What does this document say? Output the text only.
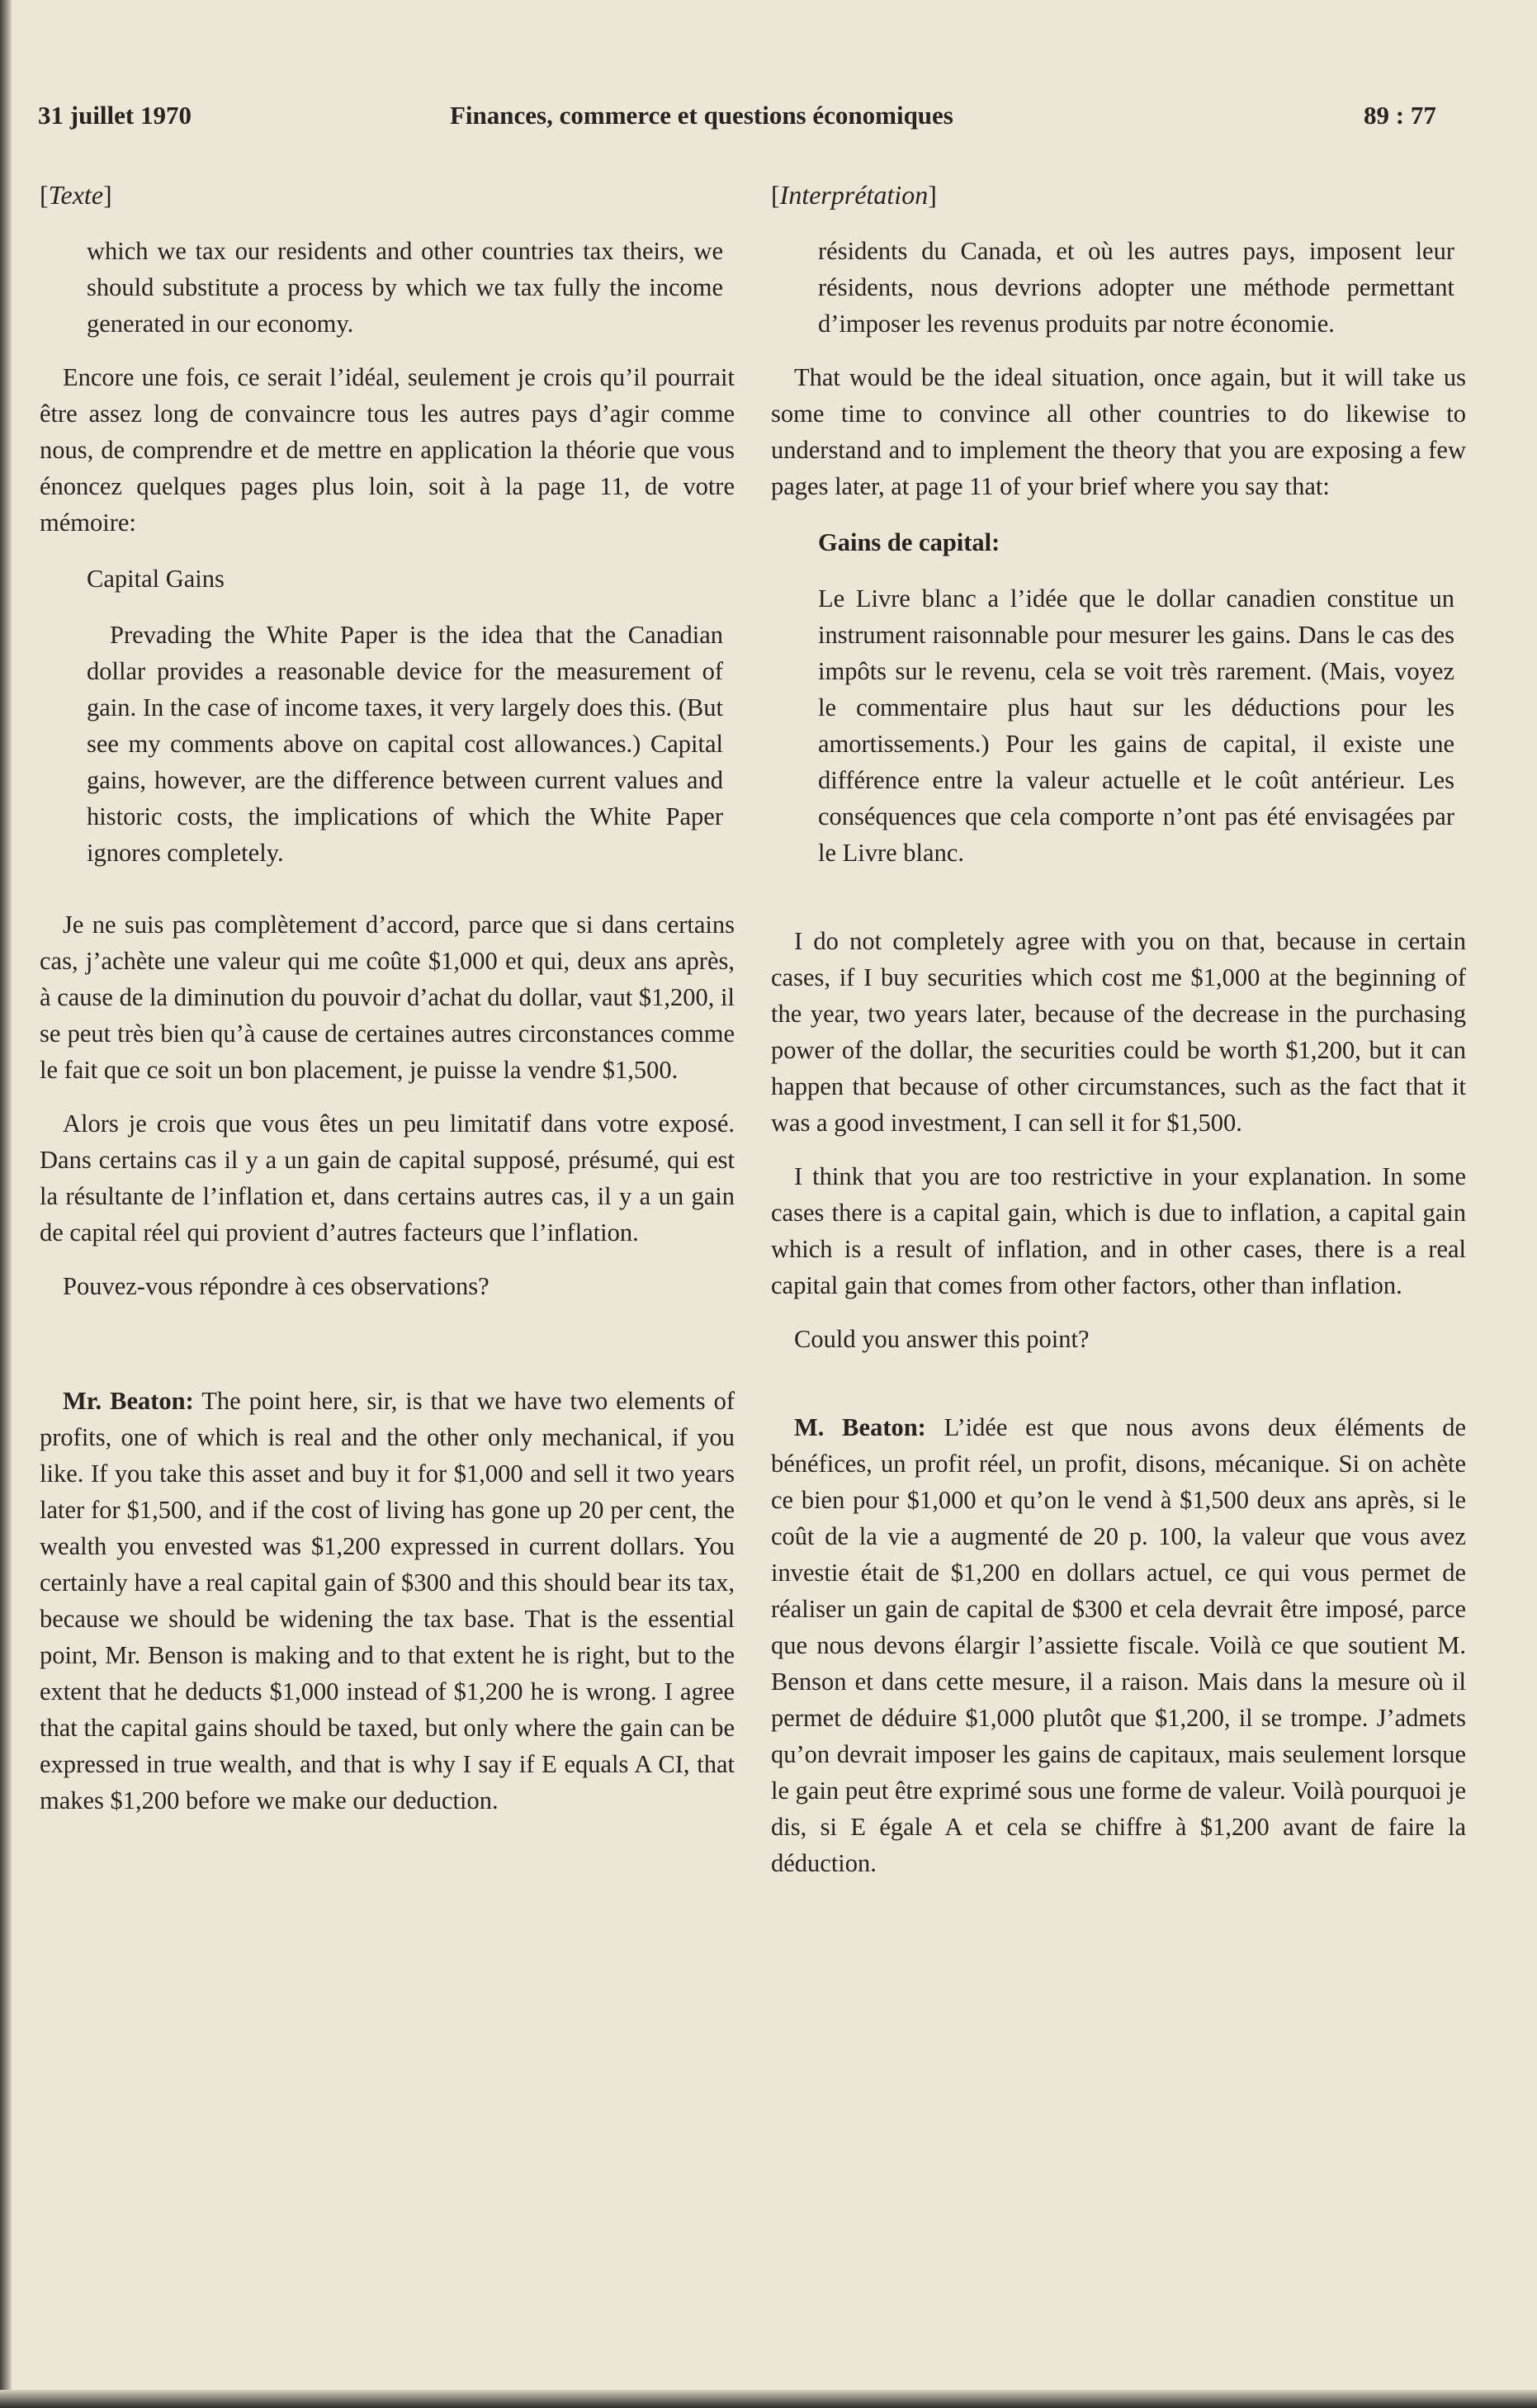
31 juillet 1970	Finances, commerce et questions économiques	89 : 77
[Texte]

which we tax our residents and other countries tax theirs, we should substitute a process by which we tax fully the income generated in our economy.

Encore une fois, ce serait l’idéal, seulement je crois qu’il pourrait être assez long de convaincre tous les autres pays d’agir comme nous, de comprendre et de mettre en application la théorie que vous énoncez quelques pages plus loin, soit à la page 11, de votre mémoire:

Capital Gains

Prevading the White Paper is the idea that the Canadian dollar provides a reasonable device for the measurement of gain. In the case of income taxes, it very largely does this. (But see my comments above on capital cost allowances.) Capital gains, however, are the difference between current values and historic costs, the implications of which the White Paper ignores completely.

Je ne suis pas complètement d’accord, parce que si dans certains cas, j’achète une valeur qui me coûte $1,000 et qui, deux ans après, à cause de la diminution du pouvoir d’achat du dollar, vaut $1,200, il se peut très bien qu’à cause de certaines autres circonstances comme le fait que ce soit un bon placement, je puisse la vendre $1,500.

Alors je crois que vous êtes un peu limitatif dans votre exposé. Dans certains cas il y a un gain de capital supposé, présumé, qui est la résultante de l’inflation et, dans certains autres cas, il y a un gain de capital réel qui provient d’autres facteurs que l’inflation.

Pouvez-vous répondre à ces observations?

Mr. Beaton: The point here, sir, is that we have two elements of profits, one of which is real and the other only mechanical, if you like. If you take this asset and buy it for $1,000 and sell it two years later for $1,500, and if the cost of living has gone up 20 per cent, the wealth you envested was $1,200 expressed in current dollars. You certainly have a real capital gain of $300 and this should bear its tax, because we should be widening the tax base. That is the essential point, Mr. Benson is making and to that extent he is right, but to the extent that he deducts $1,000 instead of $1,200 he is wrong. I agree that the capital gains should be taxed, but only where the gain can be expressed in true wealth, and that is why I say if E equals A CI, that makes $1,200 before we make our deduction.

[Interprétation]

résidents du Canada, et où les autres pays, imposent leur résidents, nous devrions adopter une méthode permettant d’imposer les revenus produits par notre économie.

That would be the ideal situation, once again, but it will take us some time to convince all other countries to do likewise to understand and to implement the theory that you are exposing a few pages later, at page 11 of your brief where you say that:

Gains de capital:

Le Livre blanc a l’idée que le dollar canadien constitue un instrument raisonnable pour mesurer les gains. Dans le cas des impôts sur le revenu, cela se voit très rarement. (Mais, voyez le commentaire plus haut sur les déductions pour les amortissements.) Pour les gains de capital, il existe une différence entre la valeur actuelle et le coût antérieur. Les conséquences que cela comporte n’ont pas été envisagées par le Livre blanc.

I do not completely agree with you on that, because in certain cases, if I buy securities which cost me $1,000 at the beginning of the year, two years later, because of the decrease in the purchasing power of the dollar, the securities could be worth $1,200, but it can happen that because of other circumstances, such as the fact that it was a good investment, I can sell it for $1,500.

I think that you are too restrictive in your explanation. In some cases there is a capital gain, which is due to inflation, a capital gain which is a result of inflation, and in other cases, there is a real capital gain that comes from other factors, other than inflation.

Could you answer this point?

M. Beaton: L’idée est que nous avons deux éléments de bénéfices, un profit réel, un profit, disons, mécanique. Si on achète ce bien pour $1,000 et qu’on le vend à $1,500 deux ans après, si le coût de la vie a augmenté de 20 p. 100, la valeur que vous avez investie était de $1,200 en dollars actuel, ce qui vous permet de réaliser un gain de capital de $300 et cela devrait être imposé, parce que nous devons élargir l’assiette fiscale. Voilà ce que soutient M. Benson et dans cette mesure, il a raison. Mais dans la mesure où il permet de déduire $1,000 plutôt que $1,200, il se trompe. J’admets qu’on devrait imposer les gains de capitaux, mais seulement lorsque le gain peut être exprimé sous une forme de valeur. Voilà pourquoi je dis, si E égale A et cela se chiffre à $1,200 avant de faire la déduction.
